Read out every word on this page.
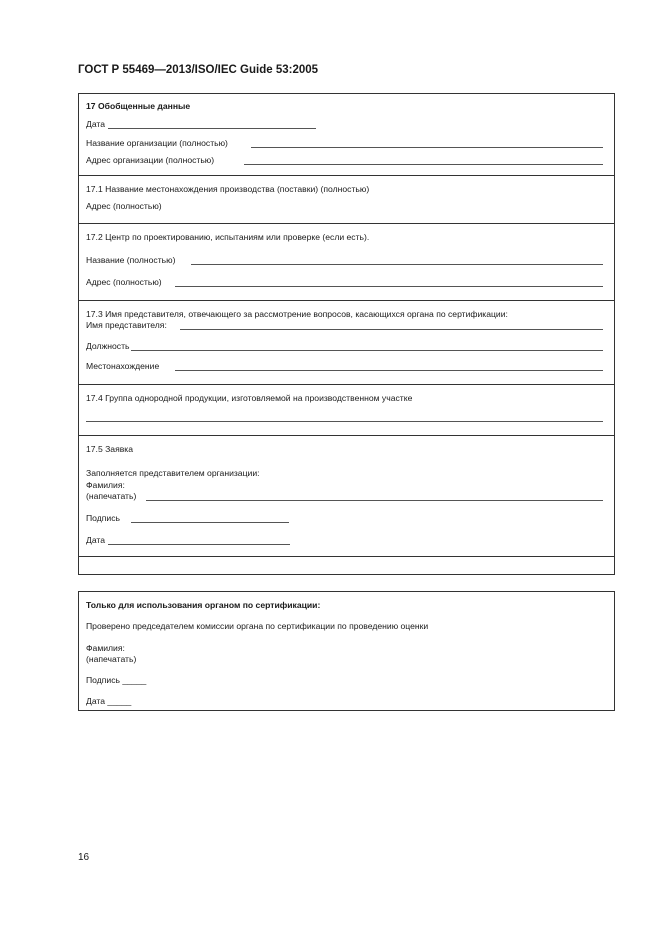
ГОСТ Р 55469—2013/ISO/IEC Guide 53:2005
17 Обобщенные данные
Дата
Название организации (полностью)
Адрес организации (полностью)
17.1 Название местонахождения производства (поставки) (полностью)
Адрес (полностью)
17.2 Центр по проектированию, испытаниям или проверке (если есть).
Название (полностью)
Адрес (полностью)
17.3 Имя представителя, отвечающего за рассмотрение вопросов, касающихся органа по сертификации:
Имя представителя:
Должность
Местонахождение
17.4 Группа однородной продукции, изготовляемой на производственном участке
17.5 Заявка
Заполняется представителем организации:
Фамилия:
(напечатать)
Подпись
Дата
Только для использования органом по сертификации:
Проверено председателем комиссии органа по сертификации по проведению оценки
Фамилия:
(напечатать)
Подпись _____
Дата _____
16
